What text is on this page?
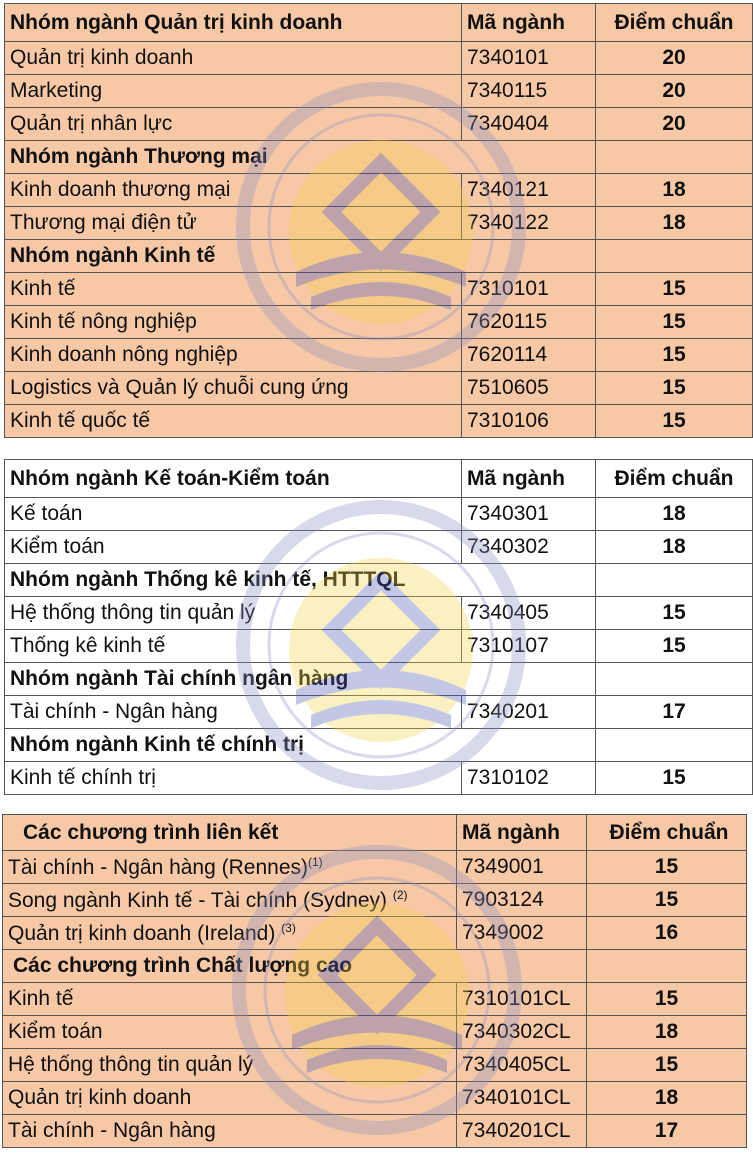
Nhóm ngành Quản trị kinh doanh	Mã ngành	Điểm chuẩn
Quản trị kinh doanh	7340101	20
Marketing	7340115	20
Quản trị nhân lực	7340404	20
Nhóm ngành Thương mại		
Kinh doanh thương mại	7340121	18
Thương mại điện tử	7340122	18
Nhóm ngành Kinh tế		
Kinh tế	7310101	15
Kinh tế nông nghiệp	7620115	15
Kinh doanh nông nghiệp	7620114	15
Logistics và Quản lý chuỗi cung ứng	7510605	15
Kinh tế quốc tế	7310106	15
Nhóm ngành Kế toán-Kiểm toán	Mã ngành	Điểm chuẩn
Kế toán	7340301	18
Kiểm toán	7340302	18
Nhóm ngành Thống kê kinh tế, HTTTQL		
Hệ thống thông tin quản lý	7340405	15
Thống kê kinh tế	7310107	15
Nhóm ngành Tài chính ngân hàng		
Tài chính - Ngân hàng	7340201	17
Nhóm ngành Kinh tế chính trị		
Kinh tế chính trị	7310102	15
Các chương trình liên kết	Mã ngành	Điểm chuẩn
Tài chính - Ngân hàng (Rennes)$^{(1)}$	7349001	15
Song ngành Kinh tế - Tài chính (Sydney) $^{(2)}$	7903124	15
Quản trị kinh doanh (Ireland) $^{(3)}$	7349002	16
Các chương trình Chất lượng cao		
Kinh tế	7310101CL	15
Kiểm toán	7340302CL	18
Hệ thống thông tin quản lý	7340405CL	15
Quản trị kinh doanh	7340101CL	18
Tài chính - Ngân hàng	7340201CL	17
